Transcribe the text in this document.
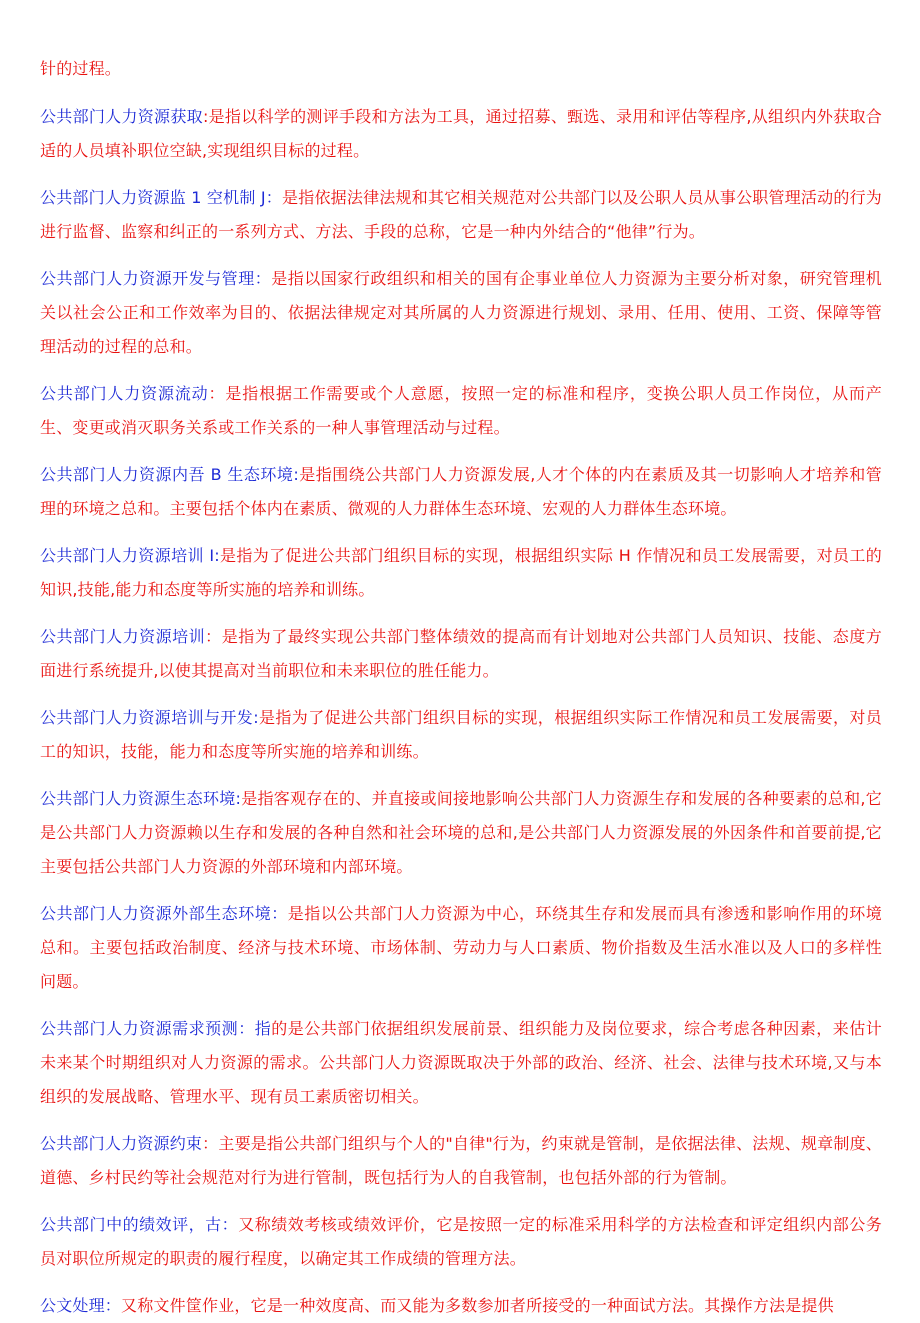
针的过程。

公共部门人力资源获取:是指以科学的测评手段和方法为工具，通过招募、甄选、录用和评估等程序,从组织内外获取合适的人员填补职位空缺,实现组织目标的过程。

公共部门人力资源监 1 空机制 J：是指依据法律法规和其它相关规范对公共部门以及公职人员从事公职管理活动的行为进行监督、监察和纠正的一系列方式、方法、手段的总称，它是一种内外结合的“他律”行为。

公共部门人力资源开发与管理：是指以国家行政组织和相关的国有企事业单位人力资源为主要分析对象，研究管理机关以社会公正和工作效率为目的、依据法律规定对其所属的人力资源进行规划、录用、任用、使用、工资、保障等管理活动的过程的总和。

公共部门人力资源流动：是指根据工作需要或个人意愿，按照一定的标准和程序，变换公职人员工作岗位，从而产生、变更或消灭职务关系或工作关系的一种人事管理活动与过程。

公共部门人力资源内吾 B 生态环境:是指围绕公共部门人力资源发展,人才个体的内在素质及其一切影响人才培养和管理的环境之总和。主要包括个体内在素质、微观的人力群体生态环境、宏观的人力群体生态环境。

公共部门人力资源培训 I:是指为了促进公共部门组织目标的实现，根据组织实际 H 作情况和员工发展需要，对员工的知识,技能,能力和态度等所实施的培养和训练。

公共部门人力资源培训：是指为了最终实现公共部门整体绩效的提高而有计划地对公共部门人员知识、技能、态度方面进行系统提升,以使其提高对当前职位和未来职位的胜任能力。

公共部门人力资源培训与开发:是指为了促进公共部门组织目标的实现，根据组织实际工作情况和员工发展需要，对员工的知识，技能，能力和态度等所实施的培养和训练。

公共部门人力资源生态环境:是指客观存在的、并直接或间接地影响公共部门人力资源生存和发展的各种要素的总和,它是公共部门人力资源赖以生存和发展的各种自然和社会环境的总和,是公共部门人力资源发展的外因条件和首要前提,它主要包括公共部门人力资源的外部环境和内部环境。

公共部门人力资源外部生态环境：是指以公共部门人力资源为中心，环绕其生存和发展而具有渗透和影响作用的环境总和。主要包括政治制度、经济与技术环境、市场体制、劳动力与人口素质、物价指数及生活水准以及人口的多样性问题。

公共部门人力资源需求预测：指的是公共部门依据组织发展前景、组织能力及岗位要求，综合考虑各种因素，来估计未来某个时期组织对人力资源的需求。公共部门人力资源既取决于外部的政治、经济、社会、法律与技术环境,又与本组织的发展战略、管理水平、现有员工素质密切相关。

公共部门人力资源约束：主要是指公共部门组织与个人的"自律"行为，约束就是管制，是依据法律、法规、规章制度、道德、乡村民约等社会规范对行为进行管制，既包括行为人的自我管制，也包括外部的行为管制。

公共部门中的绩效评，古：又称绩效考核或绩效评价，它是按照一定的标准采用科学的方法检查和评定组织内部公务员对职位所规定的职责的履行程度，以确定其工作成绩的管理方法。

公文处理：又称文件筐作业，它是一种效度高、而又能为多数参加者所接受的一种面试方法。其操作方法是提供
